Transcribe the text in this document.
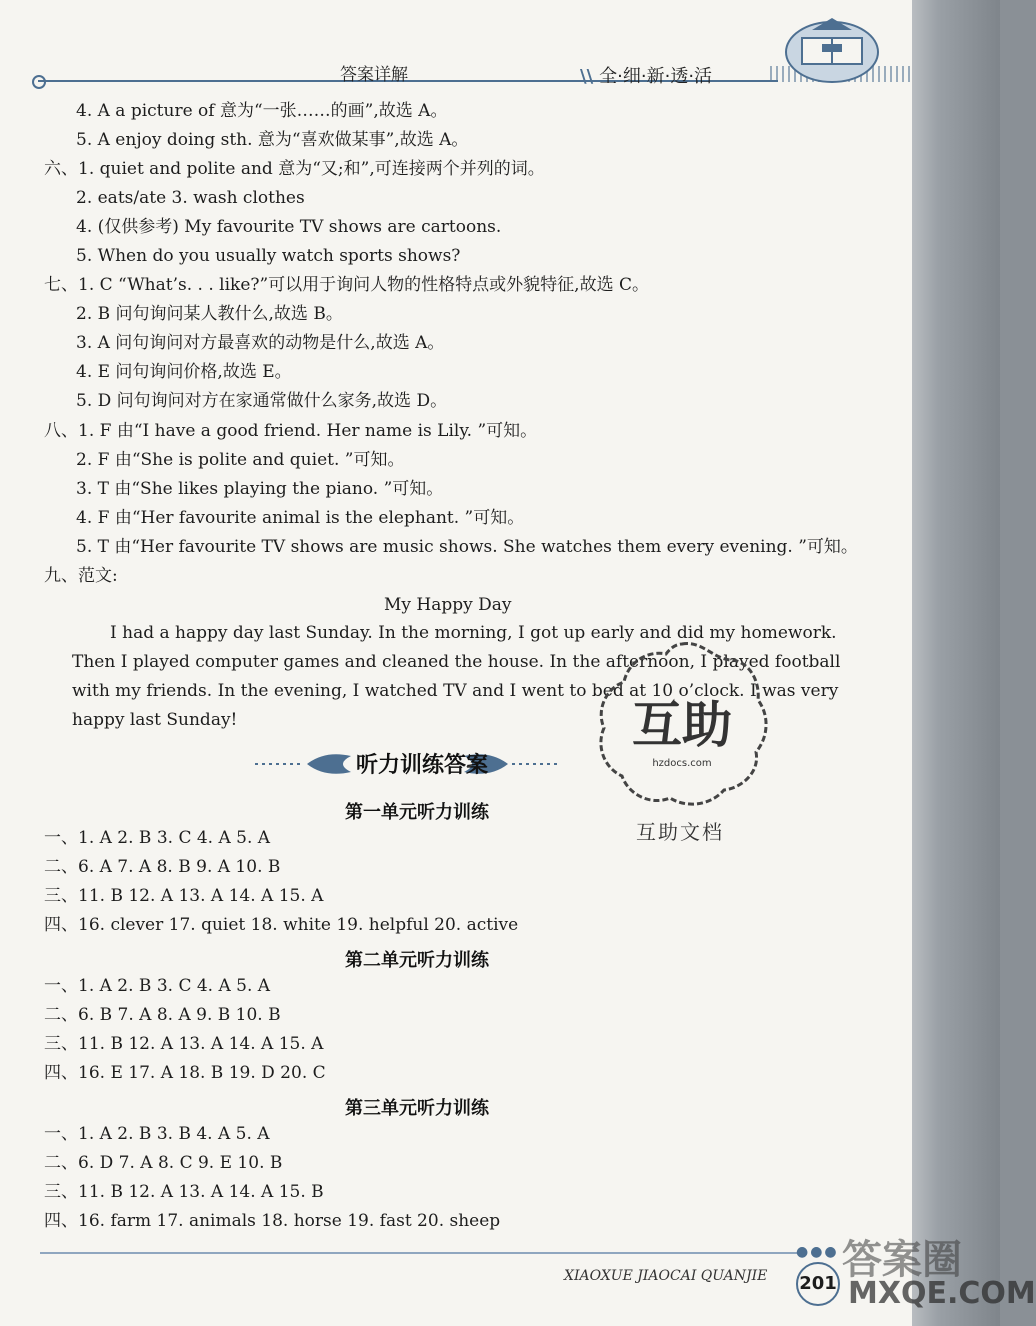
答案详解	\\ 全·细·新·透·活
4. A a picture of 意为“一张……的画”,故选 A。
5. A enjoy doing sth. 意为“喜欢做某事”,故选 A。
六、1. quiet and polite and 意为“又;和”,可连接两个并列的词。
2. eats/ate 3. wash clothes
4. (仅供参考) My favourite TV shows are cartoons.
5. When do you usually watch sports shows?
七、1. C “What’s. . . like?”可以用于询问人物的性格特点或外貌特征,故选 C。
2. B 问句询问某人教什么,故选 B。
3. A 问句询问对方最喜欢的动物是什么,故选 A。
4. E 问句询问价格,故选 E。
5. D 问句询问对方在家通常做什么家务,故选 D。
八、1. F 由“I have a good friend. Her name is Lily. ”可知。
2. F 由“She is polite and quiet. ”可知。
3. T 由“She likes playing the piano. ”可知。
4. F 由“Her favourite animal is the elephant. ”可知。
5. T 由“Her favourite TV shows are music shows. She watches them every evening. ”可知。
九、范文:
My Happy Day
I had a happy day last Sunday. In the morning, I got up early and did my homework.
Then I played computer games and cleaned the house. In the afternoon, I played football
with my friends. In the evening, I watched TV and I went to bed at 10 o’clock. I was very
happy last Sunday!	互助
hzdocs.com
互助文档
听力训练答案
第一单元听力训练
一、1. A 2. B 3. C 4. A 5. A
二、6. A 7. A 8. B 9. A 10. B
三、11. B 12. A 13. A 14. A 15. A
四、16. clever 17. quiet 18. white 19. helpful 20. active
第二单元听力训练
一、1. A 2. B 3. C 4. A 5. A
二、6. B 7. A 8. A 9. B 10. B
三、11. B 12. A 13. A 14. A 15. A
四、16. E 17. A 18. B 19. D 20. C
第三单元听力训练
一、1. A 2. B 3. B 4. A 5. A
二、6. D 7. A 8. C 9. E 10. B
三、11. B 12. A 13. A 14. A 15. B
四、16. farm 17. animals 18. horse 19. fast 20. sheep
●●●
XIAOXUE JIAOCAI QUANJIE 201
答案圈
MXQE.COM
